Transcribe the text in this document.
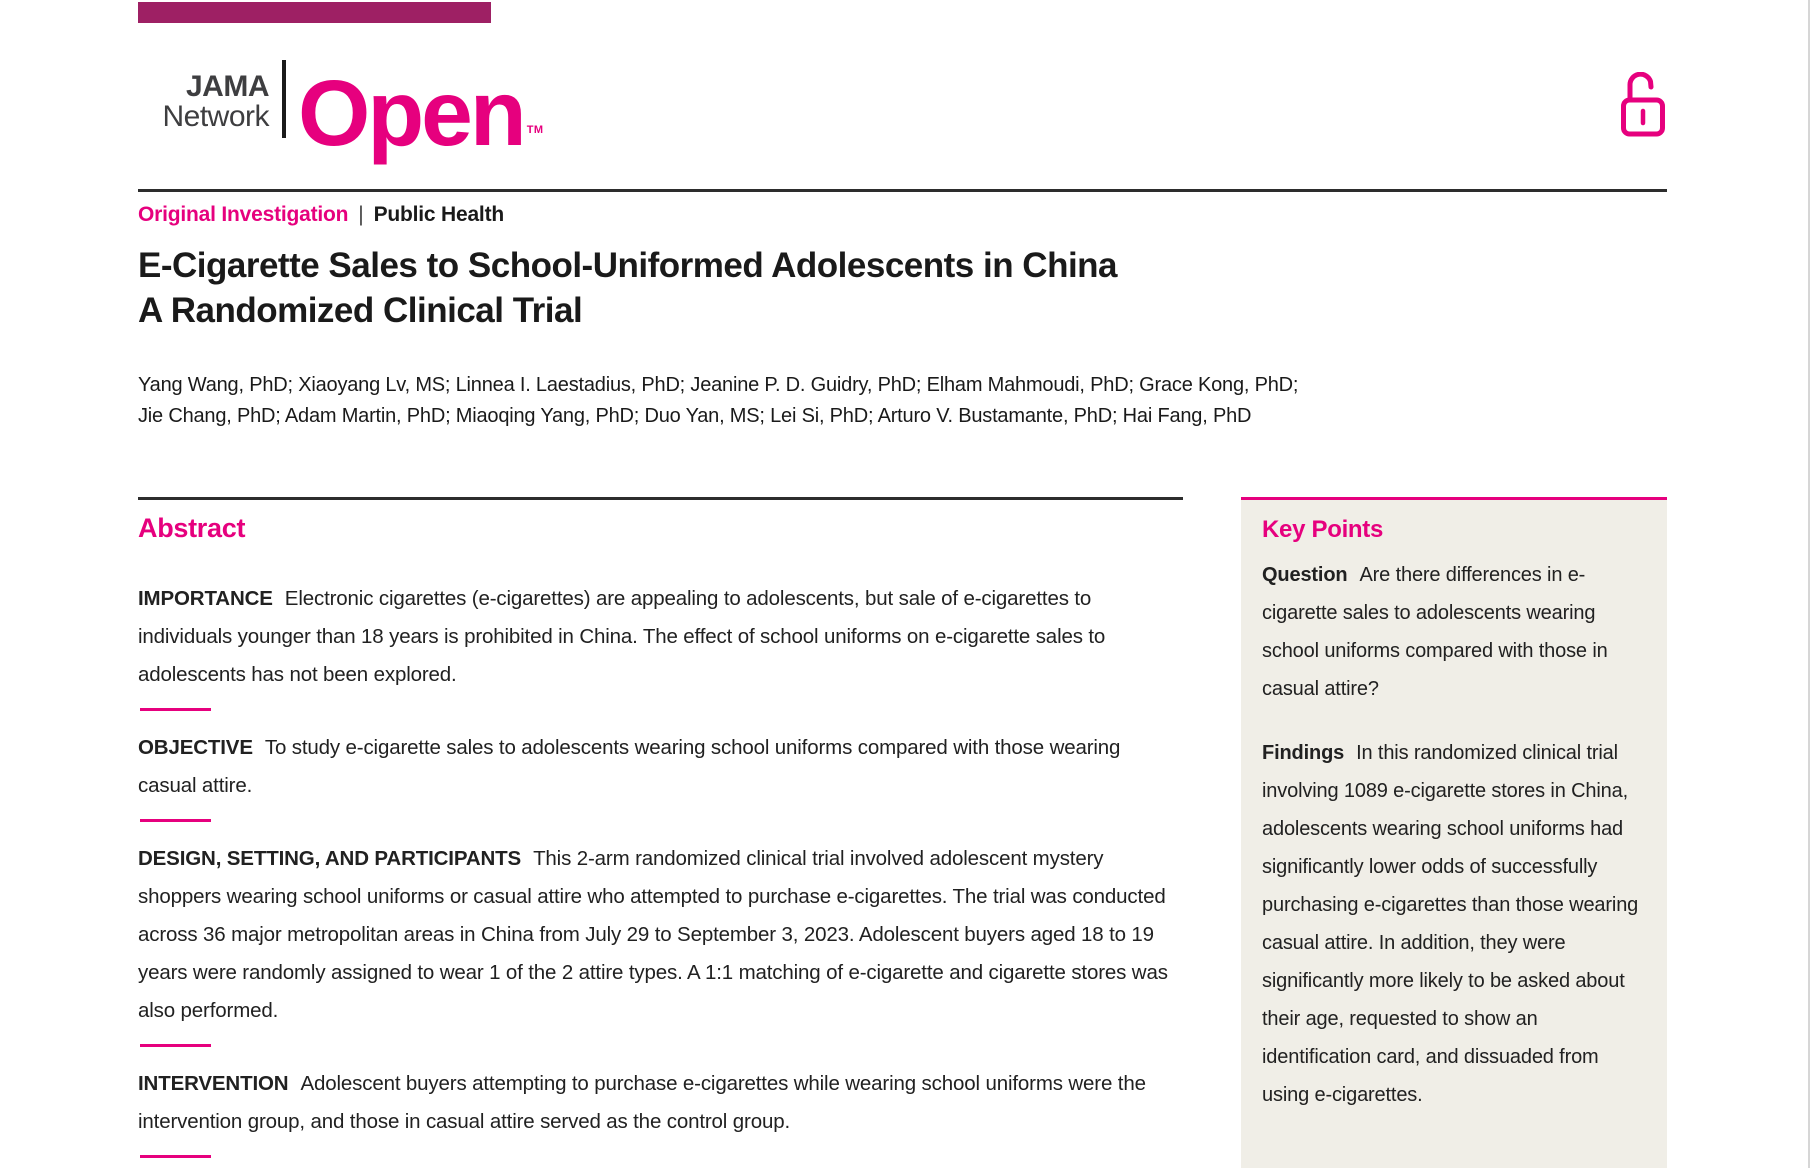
JAMA
Network Open TM
Original Investigation | Public Health
E-Cigarette Sales to School-Uniformed Adolescents in China
A Randomized Clinical Trial
Yang Wang, PhD; Xiaoyang Lv, MS; Linnea I. Laestadius, PhD; Jeanine P. D. Guidry, PhD; Elham Mahmoudi, PhD; Grace Kong, PhD;
Jie Chang, PhD; Adam Martin, PhD; Miaoqing Yang, PhD; Duo Yan, MS; Lei Si, PhD; Arturo V. Bustamante, PhD; Hai Fang, PhD
Abstract

IMPORTANCE Electronic cigarettes (e-cigarettes) are appealing to adolescents, but sale of e-cigarettes to individuals younger than 18 years is prohibited in China. The effect of school uniforms on e-cigarette sales to adolescents has not been explored.

OBJECTIVE To study e-cigarette sales to adolescents wearing school uniforms compared with those wearing casual attire.

DESIGN, SETTING, AND PARTICIPANTS This 2-arm randomized clinical trial involved adolescent mystery shoppers wearing school uniforms or casual attire who attempted to purchase e-cigarettes. The trial was conducted across 36 major metropolitan areas in China from July 29 to September 3, 2023. Adolescent buyers aged 18 to 19 years were randomly assigned to wear 1 of the 2 attire types. A 1:1 matching of e-cigarette and cigarette stores was also performed.

INTERVENTION Adolescent buyers attempting to purchase e-cigarettes while wearing school uniforms were the intervention group, and those in casual attire served as the control group.

Key Points

Question Are there differences in e-cigarette sales to adolescents wearing school uniforms compared with those in casual attire?

Findings In this randomized clinical trial involving 1089 e-cigarette stores in China, adolescents wearing school uniforms had significantly lower odds of successfully purchasing e-cigarettes than those wearing casual attire. In addition, they were significantly more likely to be asked about their age, requested to show an identification card, and dissuaded from using e-cigarettes.
